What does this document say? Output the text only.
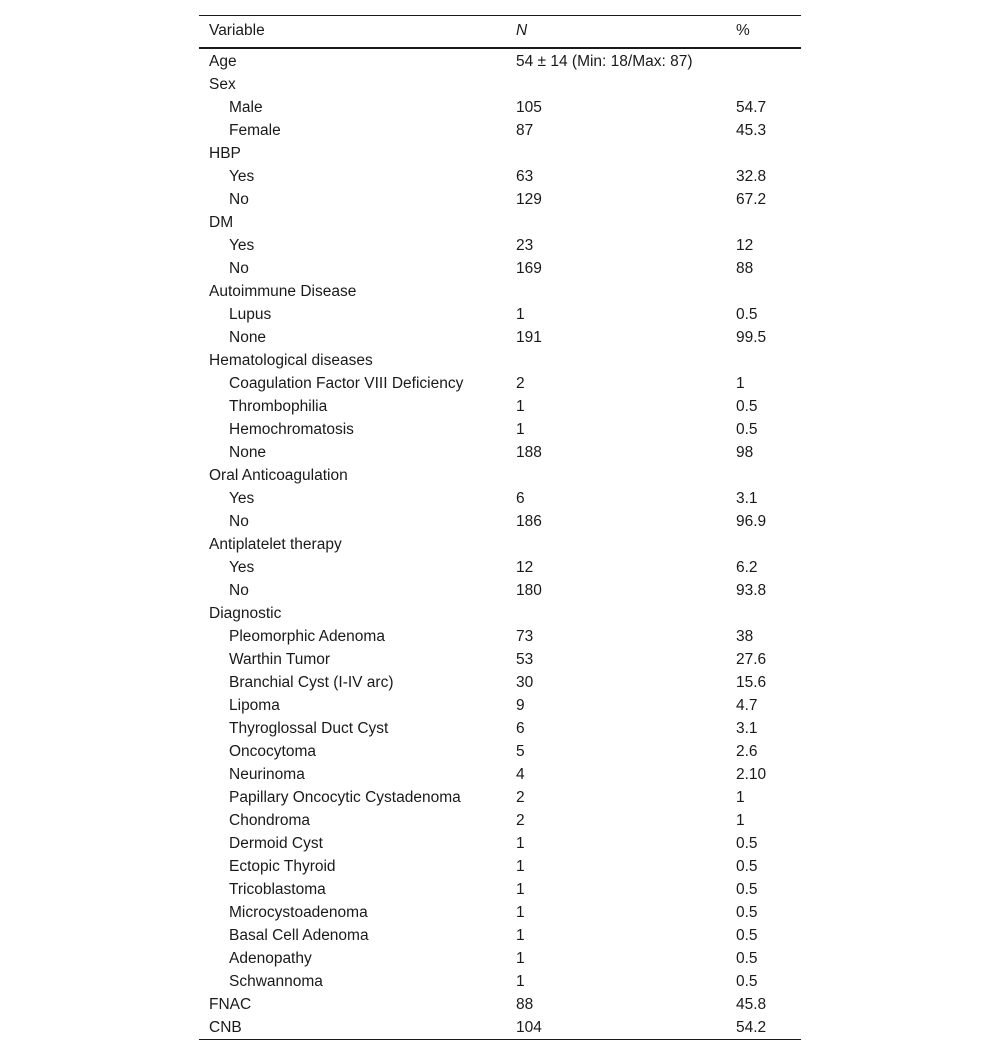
Variable	N	%
Age	54 ± 14 (Min: 18/Max: 87)	
Sex		
Male	105	54.7
Female	87	45.3
HBP		
Yes	63	32.8
No	129	67.2
DM		
Yes	23	12
No	169	88
Autoimmune Disease		
Lupus	1	0.5
None	191	99.5
Hematological diseases		
Coagulation Factor VIII Deficiency	2	1
Thrombophilia	1	0.5
Hemochromatosis	1	0.5
None	188	98
Oral Anticoagulation		
Yes	6	3.1
No	186	96.9
Antiplatelet therapy		
Yes	12	6.2
No	180	93.8
Diagnostic		
Pleomorphic Adenoma	73	38
Warthin Tumor	53	27.6
Branchial Cyst (I-IV arc)	30	15.6
Lipoma	9	4.7
Thyroglossal Duct Cyst	6	3.1
Oncocytoma	5	2.6
Neurinoma	4	2.10
Papillary Oncocytic Cystadenoma	2	1
Chondroma	2	1
Dermoid Cyst	1	0.5
Ectopic Thyroid	1	0.5
Tricoblastoma	1	0.5
Microcystoadenoma	1	0.5
Basal Cell Adenoma	1	0.5
Adenopathy	1	0.5
Schwannoma	1	0.5
FNAC	88	45.8
CNB	104	54.2
